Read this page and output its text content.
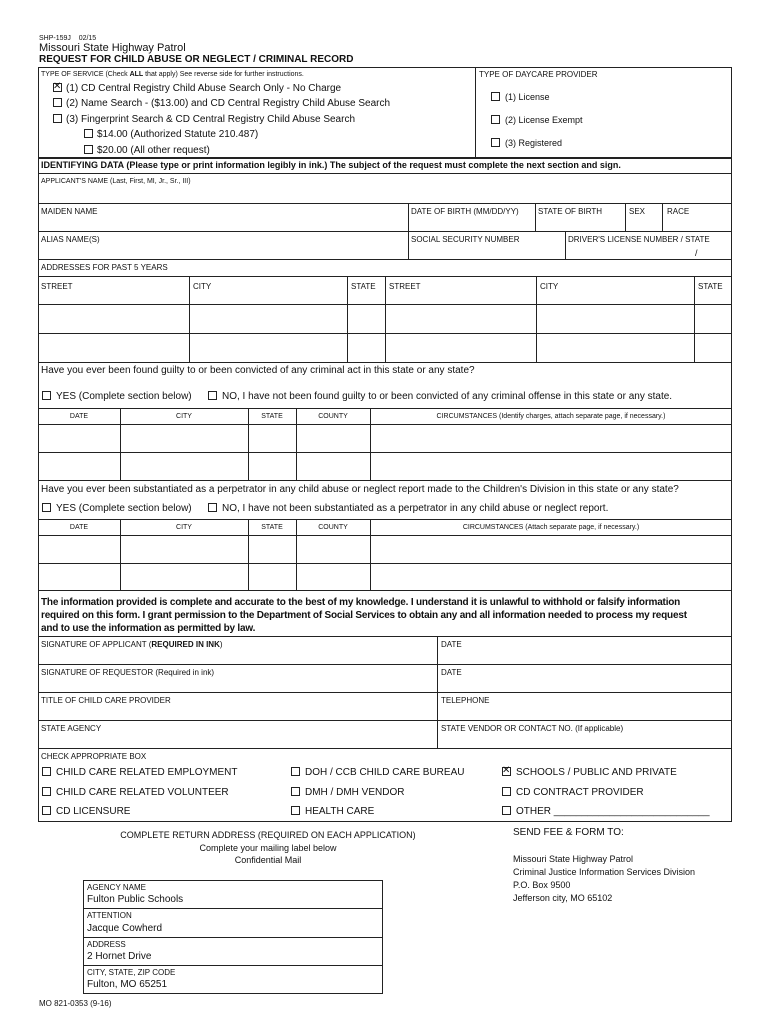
SHP-159J 02/15
Missouri State Highway Patrol
REQUEST FOR CHILD ABUSE OR NEGLECT / CRIMINAL RECORD
TYPE OF SERVICE (Check ALL that apply) See reverse side for further instructions.	TYPE OF DAYCARE PROVIDER
✕
(1) CD Central Registry Child Abuse Search Only - No Charge
(2) Name Search - ($13.00) and CD Central Registry Child Abuse Search
(3) Fingerprint Search & CD Central Registry Child Abuse Search
$14.00 (Authorized Statute 210.487)
$20.00 (All other request)
(1) License
(2) License Exempt
(3) Registered
IDENTIFYING DATA (Please type or print information legibly in ink.) The subject of the request must complete the next section and sign.
APPLICANT'S NAME (Last, First, MI, Jr., Sr., III)
MAIDEN NAME	DATE OF BIRTH (MM/DD/YY) STATE OF BIRTH	SEX	RACE
ALIAS NAME(S)	SOCIAL SECURITY NUMBER	DRIVER'S LICENSE NUMBER / STATE
/
ADDRESSES FOR PAST 5 YEARS
STREET	CITY	STATE STREET	CITY	STATE
Have you ever been found guilty to or been convicted of any criminal act in this state or any state?
YES (Complete section below)	NO, I have not been found guilty to or been convicted of any criminal offense in this state or any state.
DATE	CITY	STATE	COUNTY	CIRCUMSTANCES (Identify charges, attach separate page, if necessary.)
Have you ever been substantiated as a perpetrator in any child abuse or neglect report made to the Children's Division in this state or any state?
YES (Complete section below)	NO, I have not been substantiated as a perpetrator in any child abuse or neglect report.
DATE	CITY	STATE	COUNTY	CIRCUMSTANCES (Attach separate page, if necessary.)
The information provided is complete and accurate to the best of my knowledge. I understand it is unlawful to withhold or falsify information
required on this form. I grant permission to the Department of Social Services to obtain any and all information needed to process my request
and to use the information as permitted by law.
SIGNATURE OF APPLICANT (REQUIRED IN INK)	DATE
SIGNATURE OF REQUESTOR (Required in ink)	DATE
TITLE OF CHILD CARE PROVIDER	TELEPHONE
STATE AGENCY	STATE VENDOR OR CONTACT NO. (If applicable)
CHECK APPROPRIATE BOX
CHILD CARE RELATED EMPLOYMENT
CHILD CARE RELATED VOLUNTEER
CD LICENSURE
DOH / CCB CHILD CARE BUREAU
DMH / DMH VENDOR
HEALTH CARE
✕
SCHOOLS / PUBLIC AND PRIVATE
CD CONTRACT PROVIDER
OTHER ____________________________
COMPLETE RETURN ADDRESS (REQUIRED ON EACH APPLICATION)
Complete your mailing label below
Confidential Mail
AGENCY NAME
Fulton Public Schools
ATTENTION
Jacque Cowherd
ADDRESS
2 Hornet Drive
CITY, STATE, ZIP CODE
Fulton, MO 65251
SEND FEE & FORM TO:
Missouri State Highway Patrol
Criminal Justice Information Services Division
P.O. Box 9500
Jefferson city, MO 65102
MO 821-0353 (9-16)
